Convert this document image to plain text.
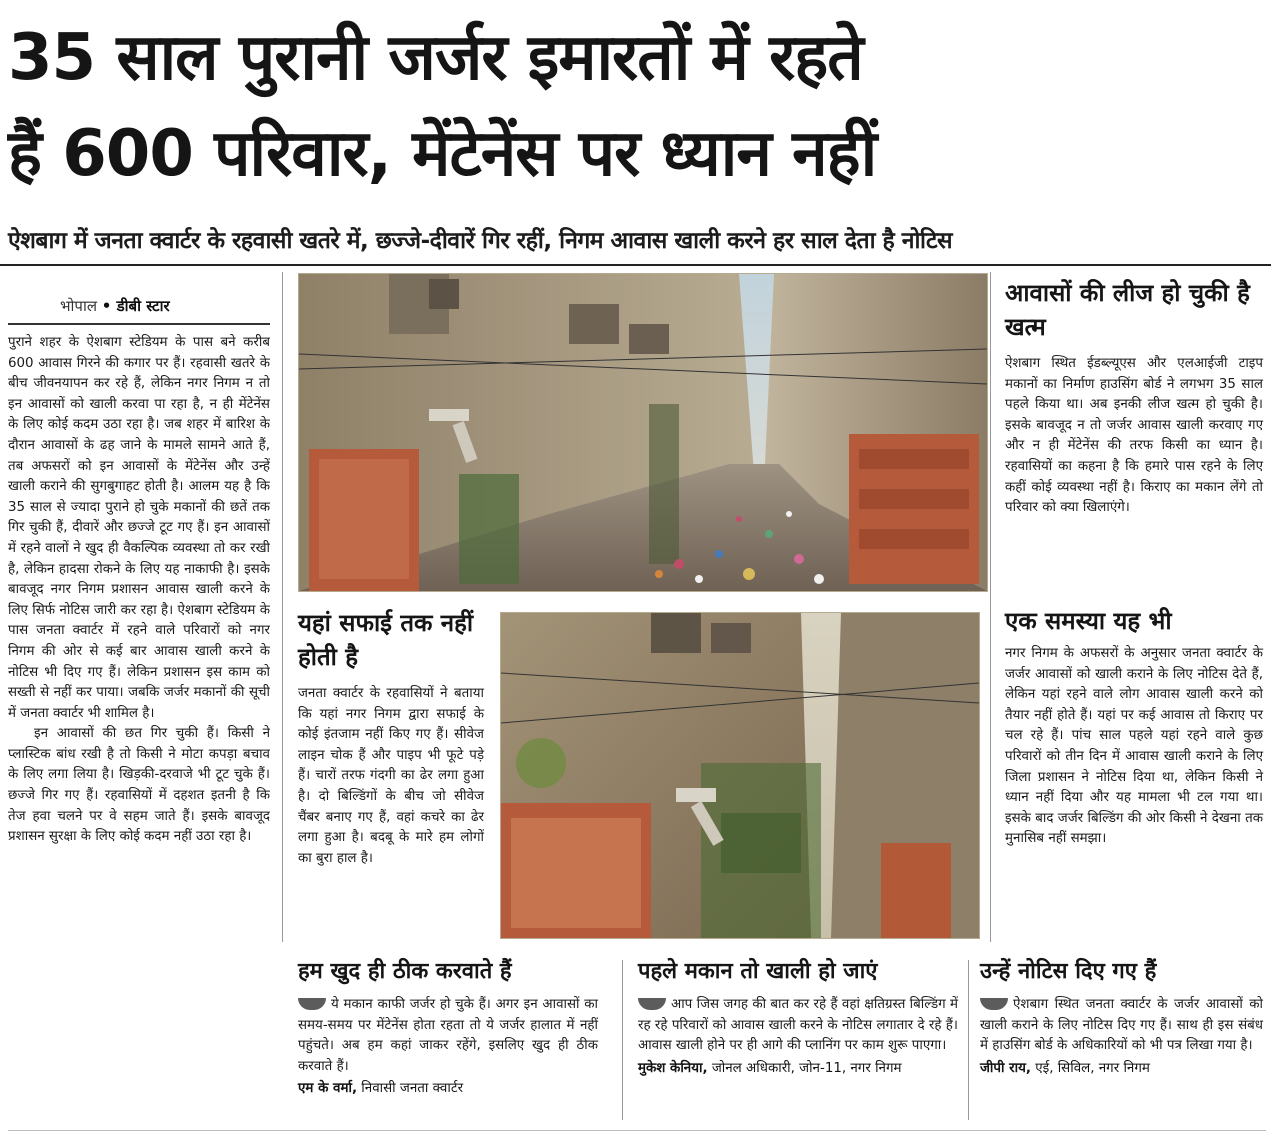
35 साल पुरानी जर्जर इमारतों में रहते
हैं 600 परिवार, मेंटेनेंस पर ध्यान नहीं
ऐशबाग में जनता क्वार्टर के रहवासी खतरे में, छज्जे-दीवारें गिर रहीं, निगम आवास खाली करने हर साल देता है नोटिस
भोपाल • डीबी स्टार

पुराने शहर के ऐशबाग स्टेडियम के पास बने करीब 600 आवास गिरने की कगार पर हैं। रहवासी खतरे के बीच जीवनयापन कर रहे हैं, लेकिन नगर निगम न तो इन आवासों को खाली करवा पा रहा है, न ही मेंटेनेंस के लिए कोई कदम उठा रहा है। जब शहर में बारिश के दौरान आवासों के ढह जाने के मामले सामने आते हैं, तब अफसरों को इन आवासों के मेंटेनेंस और उन्हें खाली कराने की सुगबुगाहट होती है। आलम यह है कि 35 साल से ज्यादा पुराने हो चुके मकानों की छतें तक गिर चुकी हैं, दीवारें और छज्जे टूट गए हैं। इन आवासों में रहने वालों ने खुद ही वैकल्पिक व्यवस्था तो कर रखी है, लेकिन हादसा रोकने के लिए यह नाकाफी है। इसके बावजूद नगर निगम प्रशासन आवास खाली करने के लिए सिर्फ नोटिस जारी कर रहा है। ऐशबाग स्टेडियम के पास जनता क्वार्टर में रहने वाले परिवारों को नगर निगम की ओर से कई बार आवास खाली करने के नोटिस भी दिए गए हैं। लेकिन प्रशासन इस काम को सख्ती से नहीं कर पाया। जबकि जर्जर मकानों की सूची में जनता क्वार्टर भी शामिल है।

इन आवासों की छत गिर चुकी हैं। किसी ने प्लास्टिक बांध रखी है तो किसी ने मोटा कपड़ा बचाव के लिए लगा लिया है। खिड़की-दरवाजे भी टूट चुके हैं। छज्जे गिर गए हैं। रहवासियों में दहशत इतनी है कि तेज हवा चलने पर वे सहम जाते हैं। इसके बावजूद प्रशासन सुरक्षा के लिए कोई कदम नहीं उठा रहा है।

आवासों की लीज हो चुकी है खत्म
ऐशबाग स्थित ईडब्ल्यूएस और एलआईजी टाइप मकानों का निर्माण हाउसिंग बोर्ड ने लगभग 35 साल पहले किया था। अब इनकी लीज खत्म हो चुकी है। इसके बावजूद न तो जर्जर आवास खाली करवाए गए और न ही मेंटेनेंस की तरफ किसी का ध्यान है। रहवासियों का कहना है कि हमारे पास रहने के लिए कहीं कोई व्यवस्था नहीं है। किराए का मकान लेंगे तो परिवार को क्या खिलाएंगे।
यहां सफाई तक नहीं होती है
जनता क्वार्टर के रहवासियों ने बताया कि यहां नगर निगम द्वारा सफाई के कोई इंतजाम नहीं किए गए हैं। सीवेज लाइन चोक हैं और पाइप भी फूटे पड़े हैं। चारों तरफ गंदगी का ढेर लगा हुआ है। दो बिल्डिंगों के बीच जो सीवेज चैंबर बनाए गए हैं, वहां कचरे का ढेर लगा हुआ है। बदबू के मारे हम लोगों का बुरा हाल है।
एक समस्या यह भी
नगर निगम के अफसरों के अनुसार जनता क्वार्टर के जर्जर आवासों को खाली कराने के लिए नोटिस देते हैं, लेकिन यहां रहने वाले लोग आवास खाली करने को तैयार नहीं होते हैं। यहां पर कई आवास तो किराए पर चल रहे हैं। पांच साल पहले यहां रहने वाले कुछ परिवारों को तीन दिन में आवास खाली कराने के लिए जिला प्रशासन ने नोटिस दिया था, लेकिन किसी ने ध्यान नहीं दिया और यह मामला भी टल गया था। इसके बाद जर्जर बिल्डिंग की ओर किसी ने देखना तक मुनासिब नहीं समझा।
हम खुद ही ठीक करवाते हैं
ये मकान काफी जर्जर हो चुके हैं। अगर इन आवासों का समय-समय पर मेंटेनेंस होता रहता तो ये जर्जर हालात में नहीं पहुंचते। अब हम कहां जाकर रहेंगे, इसलिए खुद ही ठीक करवाते हैं।
एम के वर्मा, निवासी जनता क्वार्टर
पहले मकान तो खाली हो जाएं
आप जिस जगह की बात कर रहे हैं वहां क्षतिग्रस्त बिल्डिंग में रह रहे परिवारों को आवास खाली करने के नोटिस लगातार दे रहे हैं। आवास खाली होने पर ही आगे की प्लानिंग पर काम शुरू पाएगा।
मुकेश केनिया, जोनल अधिकारी, जोन-11, नगर निगम
उन्हें नोटिस दिए गए हैं
ऐशबाग स्थित जनता क्वार्टर के जर्जर आवासों को खाली कराने के लिए नोटिस दिए गए हैं। साथ ही इस संबंध में हाउसिंग बोर्ड के अधिकारियों को भी पत्र लिखा गया है।
जीपी राय, एई, सिविल, नगर निगम
